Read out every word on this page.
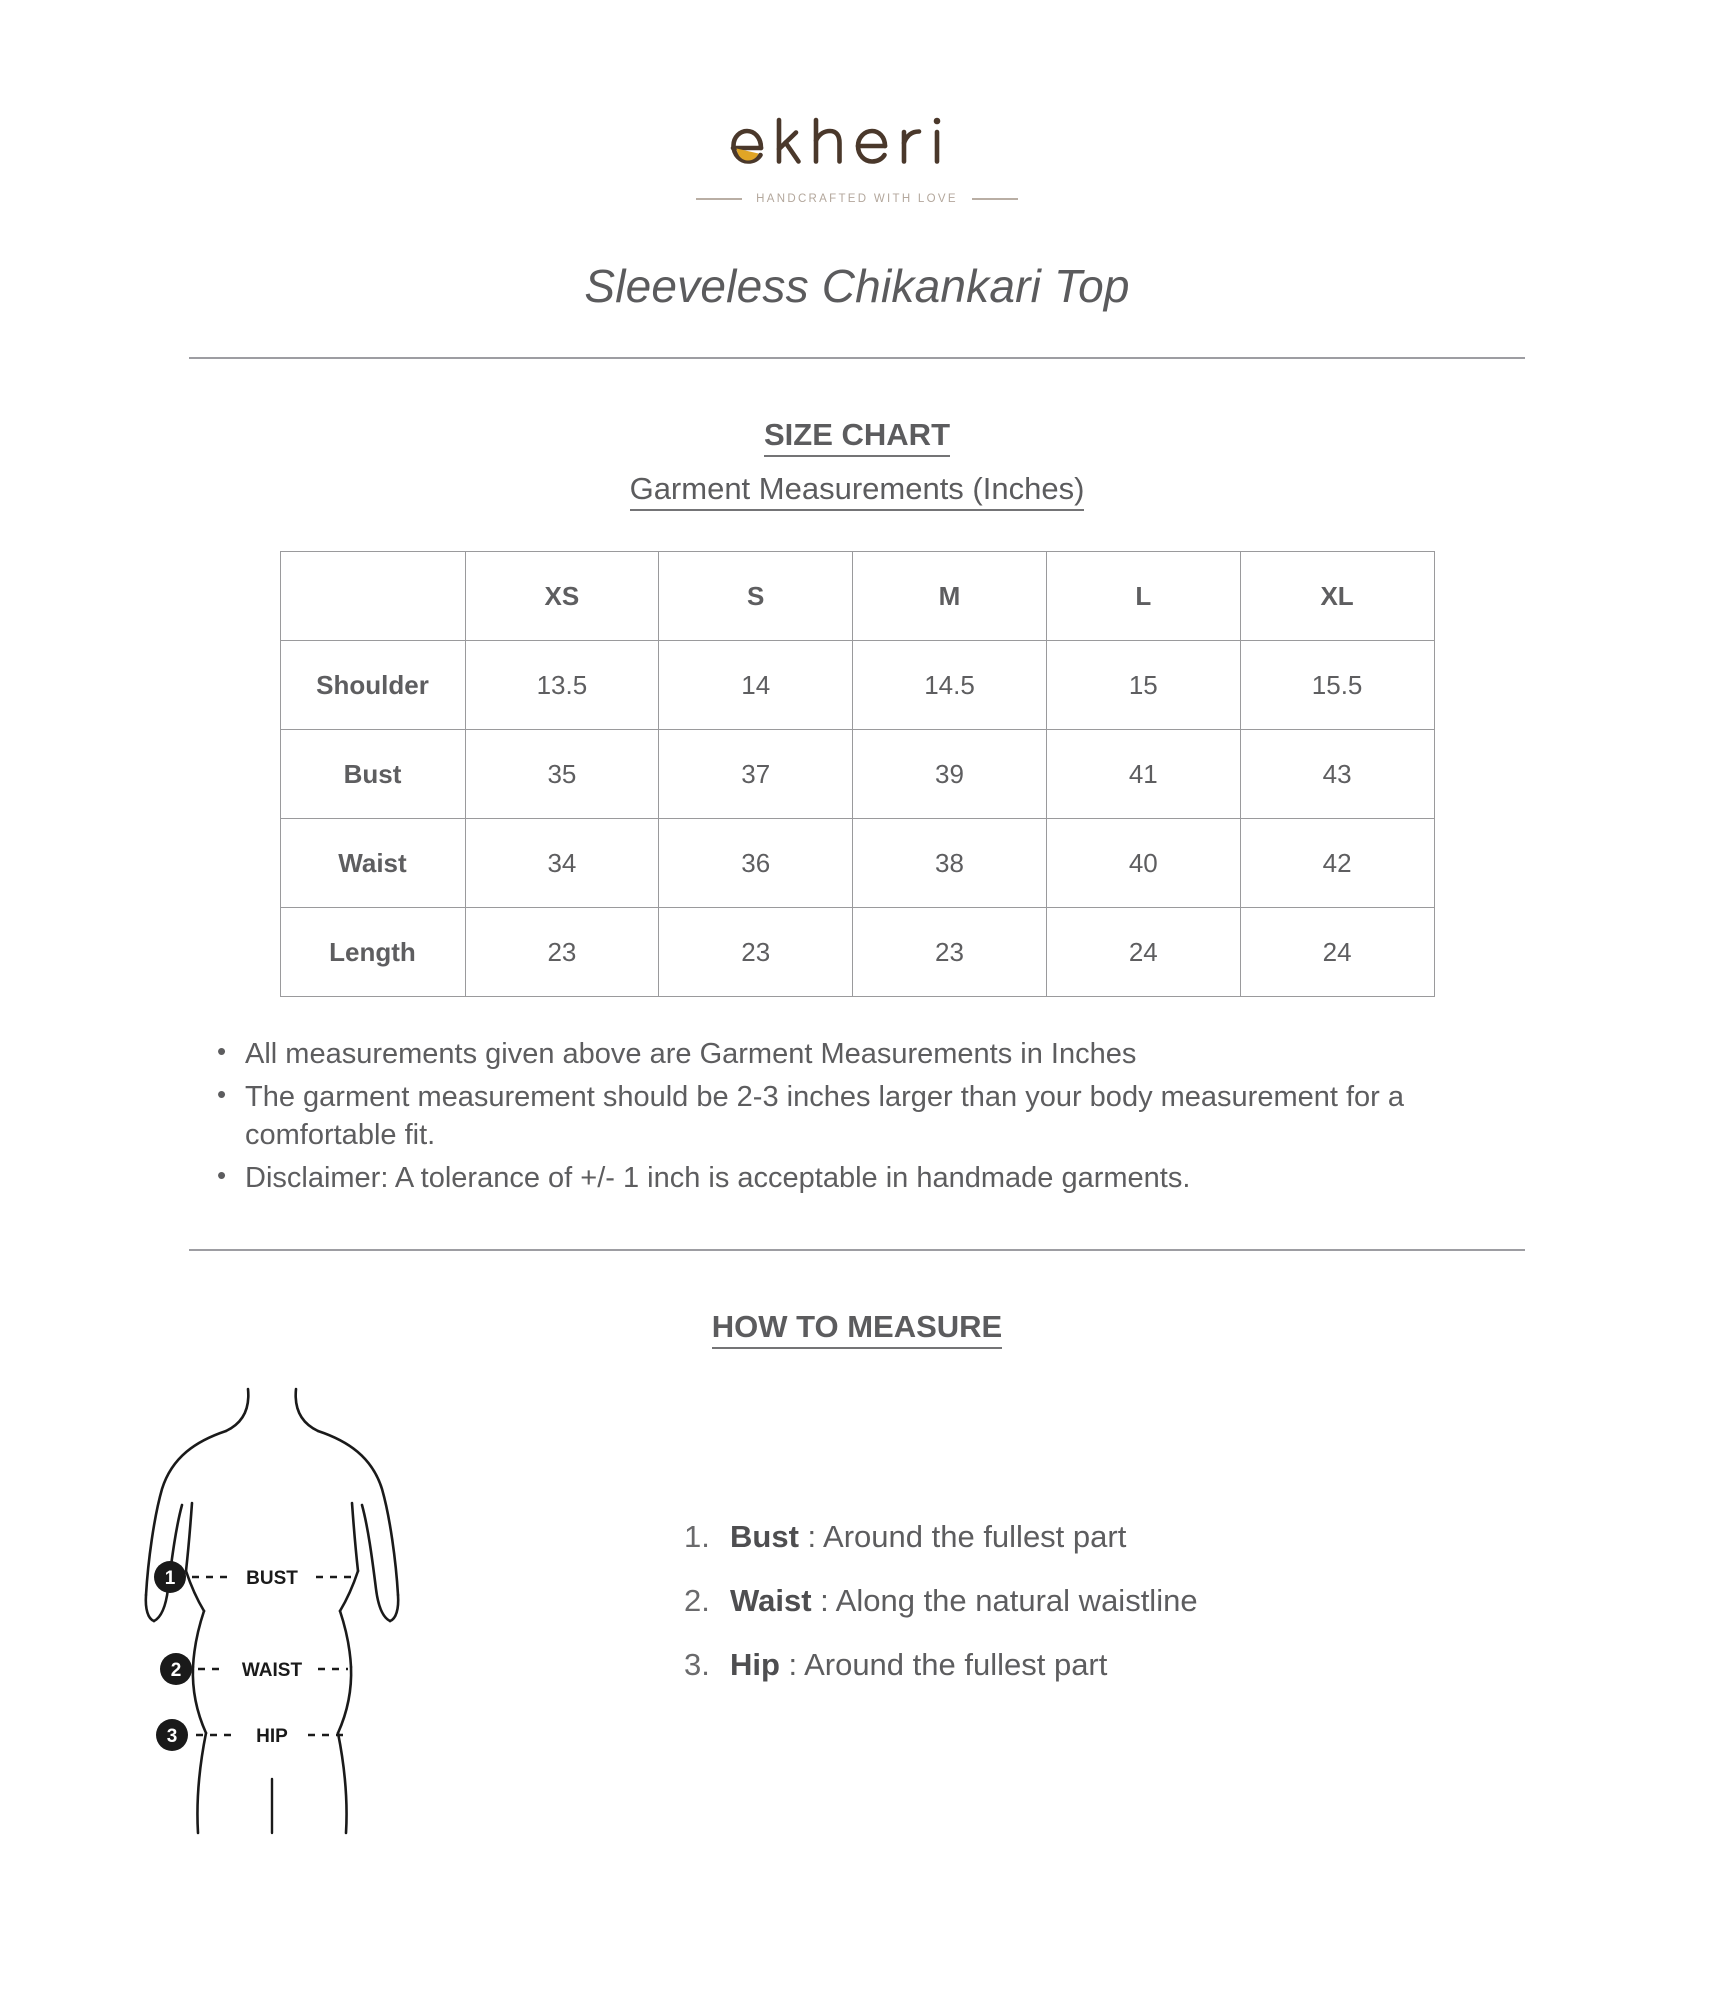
HANDCRAFTED WITH LOVE
Sleeveless Chikankari Top
SIZE CHART
Garment Measurements (Inches)
	XS	S	M	L	XL
Shoulder	13.5	14	14.5	15	15.5
Bust	35	37	39	41	43
Waist	34	36	38	40	42
Length	23	23	23	24	24
• All measurements given above are Garment Measurements in Inches
• The garment measurement should be 2-3 inches larger than your body measurement for a comfortable fit.
• Disclaimer: A tolerance of +/- 1 inch is acceptable in handmade garments.
HOW TO MEASURE
BUST
1
WAIST
2
HIP
3
Bust : Around the fullest part
Waist : Along the natural waistline
Hip : Around the fullest part
